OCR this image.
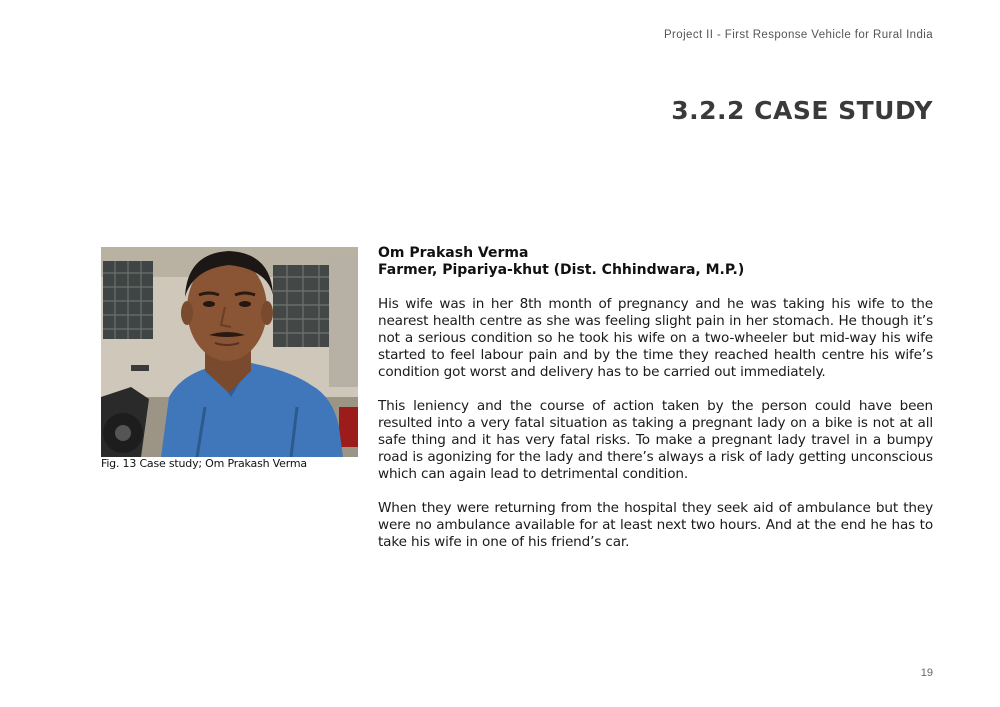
Project II - First Response Vehicle for Rural India
3.2.2 CASE STUDY
Fig. 13 Case study; Om Prakash Verma

Om Prakash Verma

Farmer, Pipariya-khut (Dist. Chhindwara, M.P.)

His wife was in her 8th month of pregnancy and he was taking his wife to the nearest health centre as she was feeling slight pain in her stomach. He though it’s not a serious condition so he took his wife on a two-wheeler but mid-way his wife started to feel labour pain and by the time they reached health centre his wife’s condition got worst and delivery has to be carried out immediately.

This leniency and the course of action taken by the person could have been resulted into a very fatal situation as taking a pregnant lady on a bike is not at all safe thing and it has very fatal risks. To make a pregnant lady travel in a bumpy road is agonizing for the lady and there’s always a risk of lady getting unconscious which can again lead to detrimental condition.

When they were returning from the hospital they seek aid of ambulance but they were no ambulance available for at least next two hours. And at the end he has to take his wife in one of his friend’s car.

19
